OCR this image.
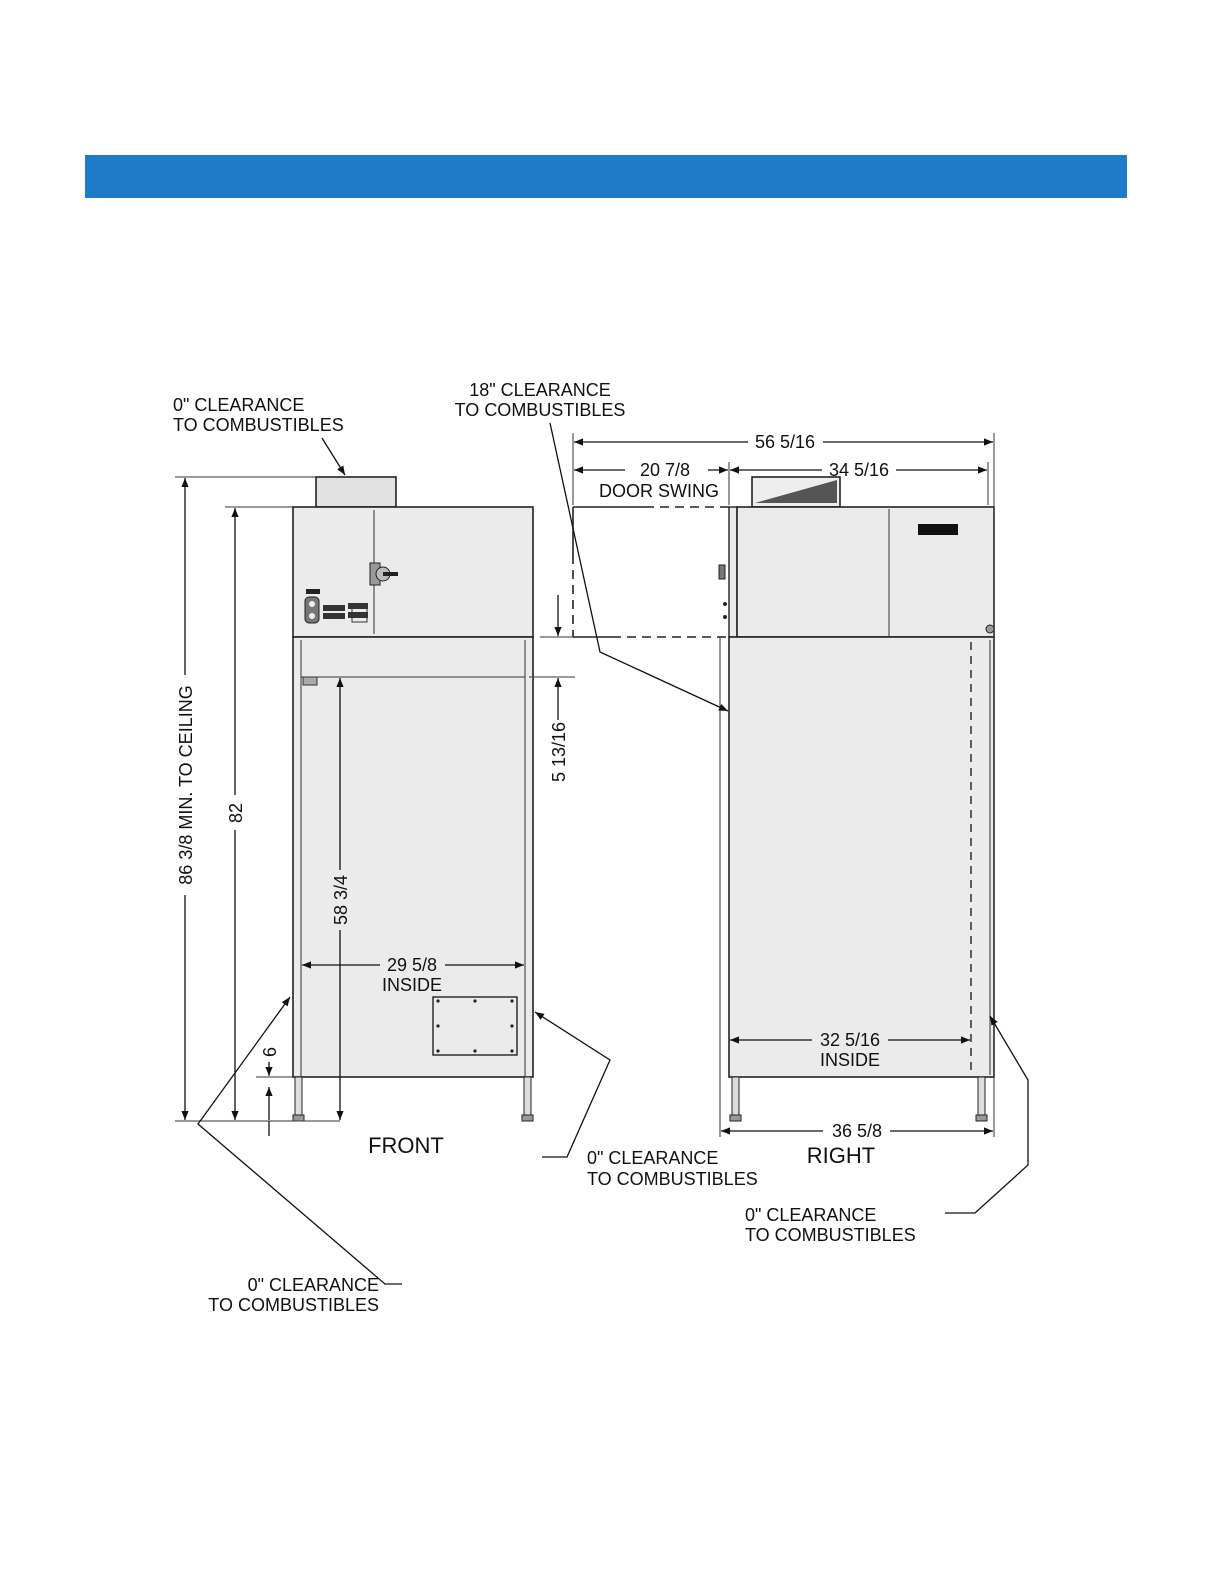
0" CLEARANCE
TO COMBUSTIBLES
18" CLEARANCE
TO COMBUSTIBLES
56 5/16
20 7/8
DOOR SWING
34 5/16
86 3/8 MIN. TO CEILING 82
58 3/4
5 13/16
6
29 5/8
INSIDE
32 5/16
INSIDE
36 5/8
FRONT	RIGHT
0" CLEARANCE
TO COMBUSTIBLES
0" CLEARANCE
TO COMBUSTIBLES
0" CLEARANCE
TO COMBUSTIBLES
